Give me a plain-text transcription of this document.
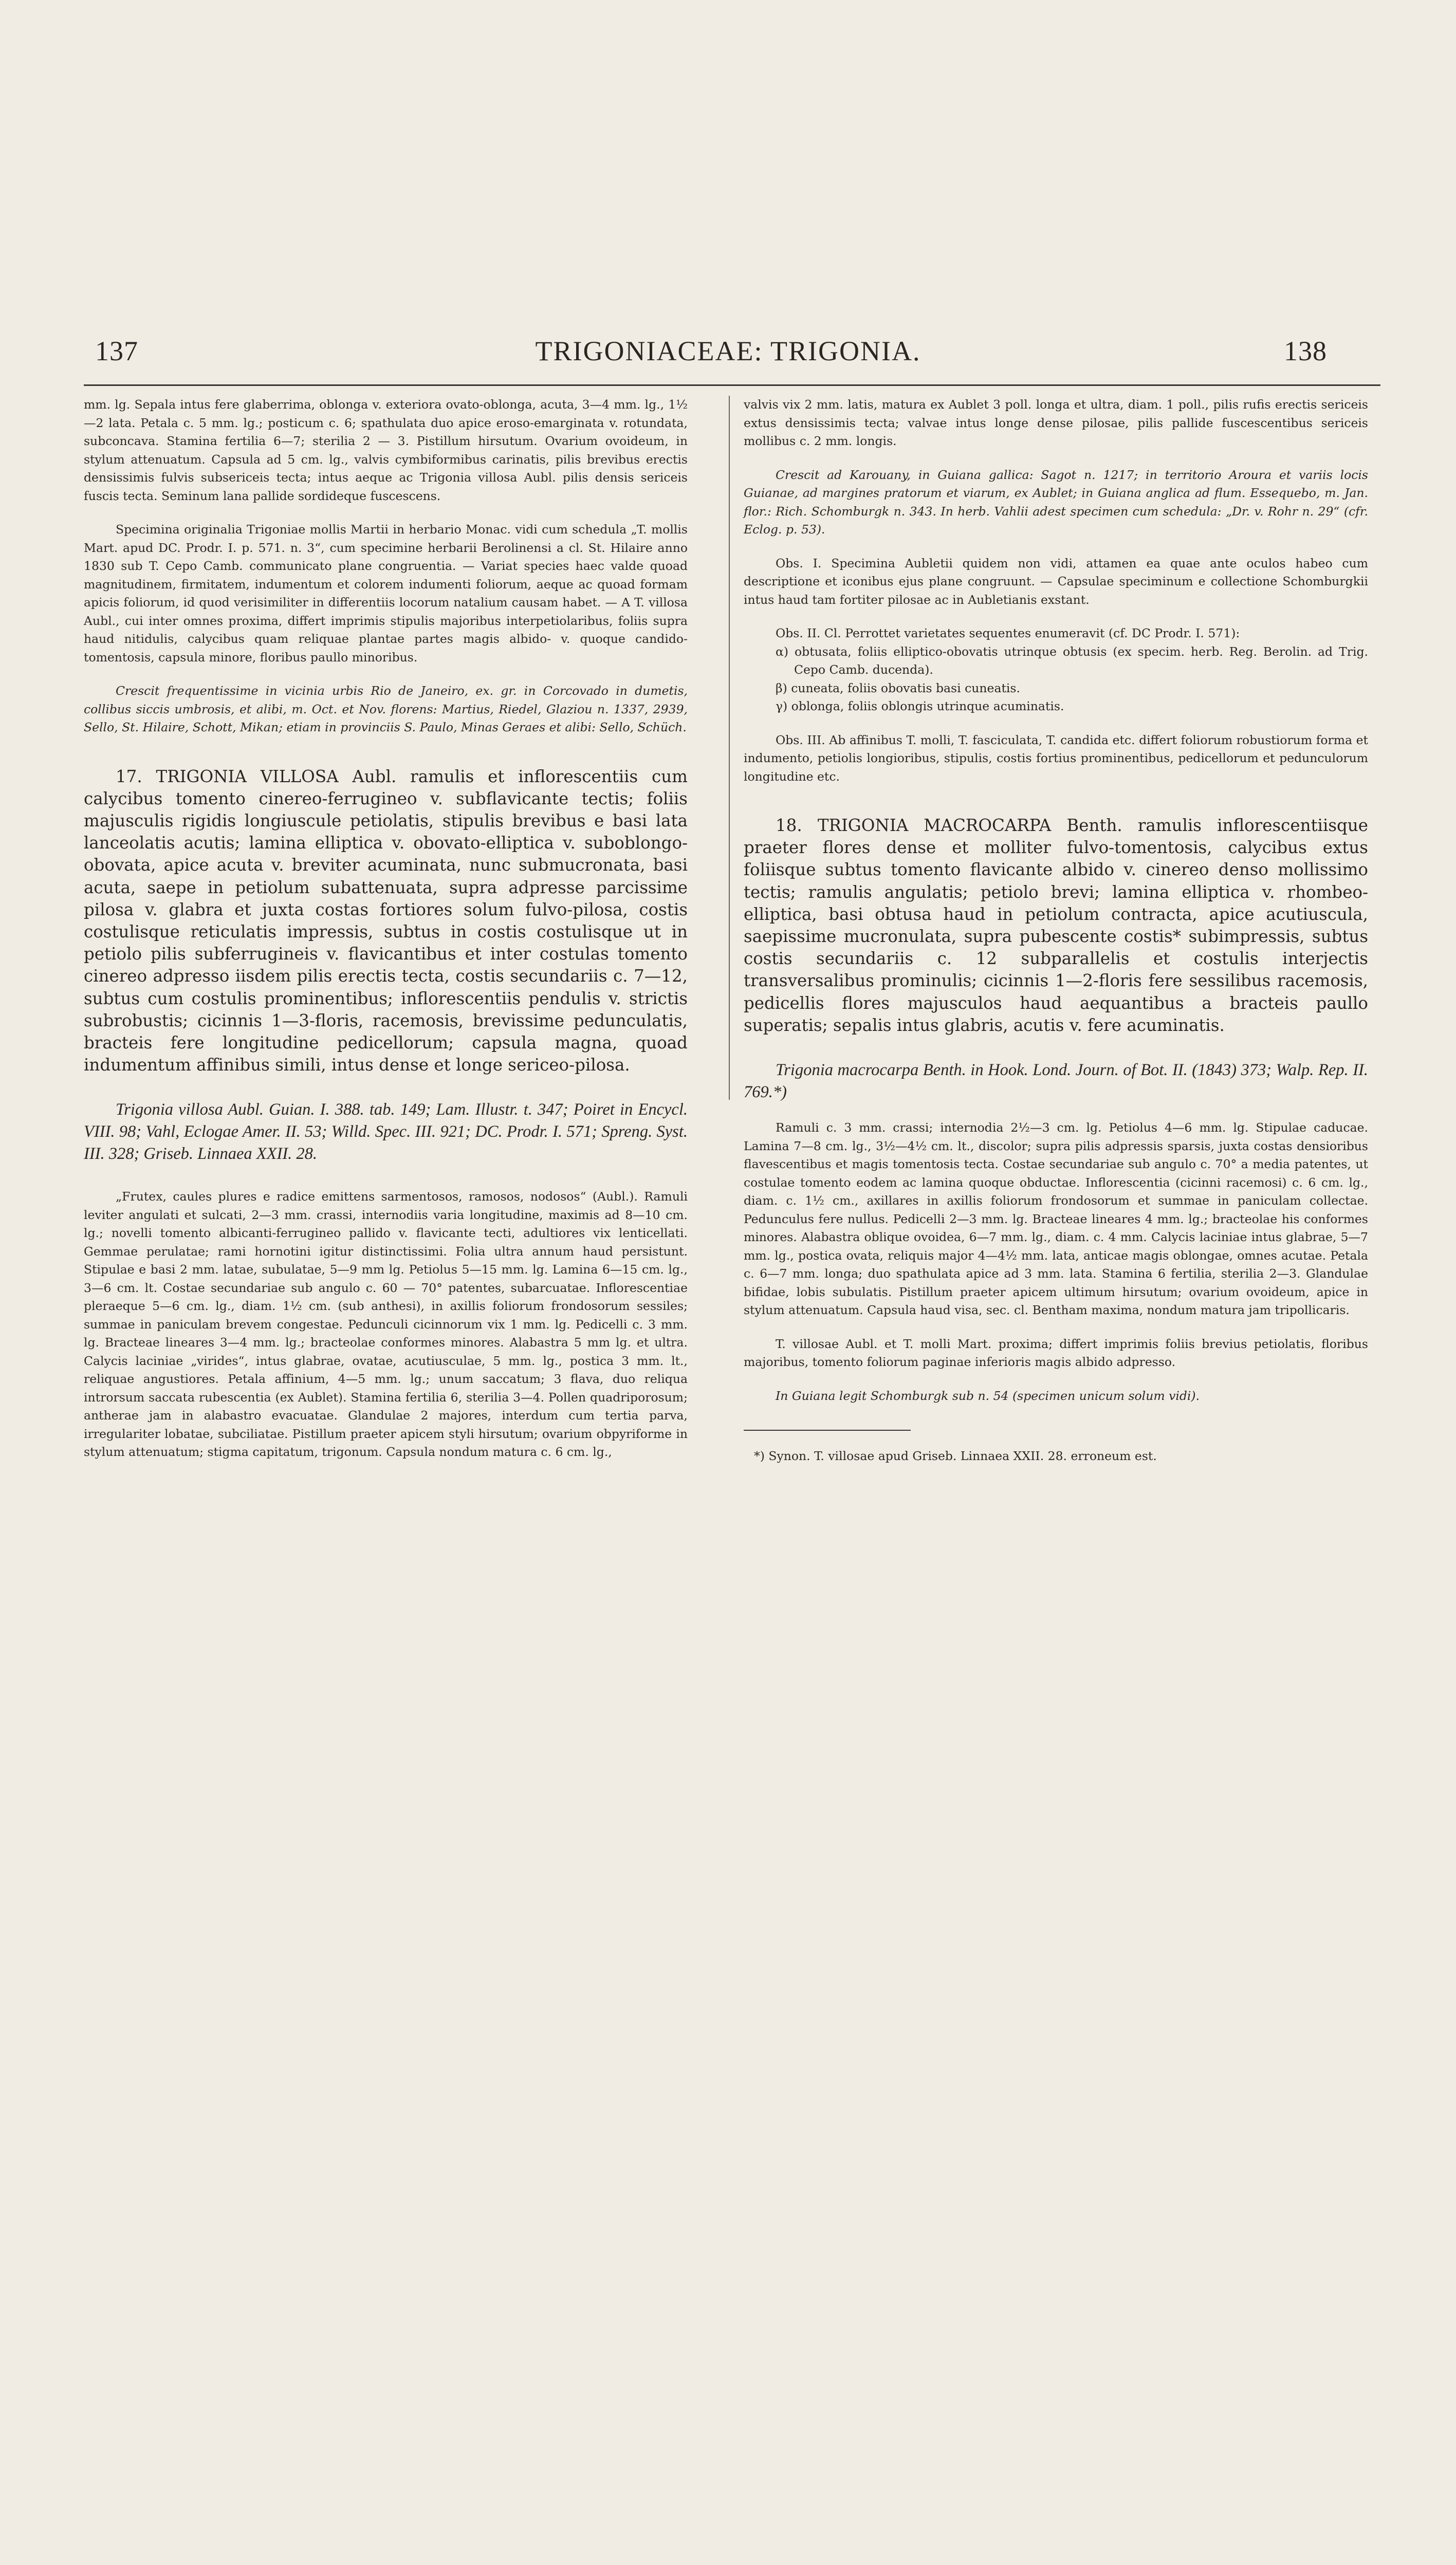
137	TRIGONIACEAE: TRIGONIA.	138

mm. lg. Sepala intus fere glaberrima, oblonga v. exteriora ovato-oblonga, acuta, 3—4 mm. lg., 1½—2 lata. Petala c. 5 mm. lg.; posticum c. 6; spathulata duo apice eroso-emarginata v. rotundata, subconcava. Stamina fertilia 6—7; sterilia 2 — 3. Pistillum hirsutum. Ovarium ovoideum, in stylum attenuatum. Capsula ad 5 cm. lg., valvis cymbiformibus carinatis, pilis brevibus erectis densissimis fulvis subsericeis tecta; intus aeque ac Trigonia villosa Aubl. pilis densis sericeis fuscis tecta. Seminum lana pallide sordideque fuscescens.

Specimina originalia Trigoniae mollis Martii in herbario Monac. vidi cum schedula „T. mollis Mart. apud DC. Prodr. I. p. 571. n. 3“, cum specimine herbarii Berolinensi a cl. St. Hilaire anno 1830 sub T. Cepo Camb. communicato plane congruentia. — Variat species haec valde quoad magnitudinem, firmitatem, indumentum et colorem indumenti foliorum, aeque ac quoad formam apicis foliorum, id quod verisimiliter in differentiis locorum natalium causam habet. — A T. villosa Aubl., cui inter omnes proxima, differt imprimis stipulis majoribus interpetiolaribus, foliis supra haud nitidulis, calycibus quam reliquae plantae partes magis albido- v. quoque candido-tomentosis, capsula minore, floribus paullo minoribus.

Crescit frequentissime in vicinia urbis Rio de Janeiro, ex. gr. in Corcovado in dumetis, collibus siccis umbrosis, et alibi, m. Oct. et Nov. florens: Martius, Riedel, Glaziou n. 1337, 2939, Sello, St. Hilaire, Schott, Mikan; etiam in provinciis S. Paulo, Minas Geraes et alibi: Sello, Schüch.

17. TRIGONIA VILLOSA Aubl. ramulis et inflorescentiis cum calycibus tomento cinereo-ferrugineo v. subflavicante tectis; foliis majusculis rigidis longiuscule petiolatis, stipulis brevibus e basi lata lanceolatis acutis; lamina elliptica v. obovato-elliptica v. suboblongo-obovata, apice acuta v. breviter acuminata, nunc submucronata, basi acuta, saepe in petiolum subattenuata, supra adpresse parcissime pilosa v. glabra et juxta costas fortiores solum fulvo-pilosa, costis costulisque reticulatis impressis, subtus in costis costulisque ut in petiolo pilis subferrugineis v. flavicantibus et inter costulas tomento cinereo adpresso iisdem pilis erectis tecta, costis secundariis c. 7—12, subtus cum costulis prominentibus; inflorescentiis pendulis v. strictis subrobustis; cicinnis 1—3-floris, racemosis, brevissime pedunculatis, bracteis fere longitudine pedicellorum; capsula magna, quoad indumentum affinibus simili, intus dense et longe sericeo-pilosa.

Trigonia villosa Aubl. Guian. I. 388. tab. 149; Lam. Illustr. t. 347; Poiret in Encycl. VIII. 98; Vahl, Eclogae Amer. II. 53; Willd. Spec. III. 921; DC. Prodr. I. 571; Spreng. Syst. III. 328; Griseb. Linnaea XXII. 28.

„Frutex, caules plures e radice emittens sarmentosos, ramosos, nodosos“ (Aubl.). Ramuli leviter angulati et sulcati, 2—3 mm. crassi, internodiis varia longitudine, maximis ad 8—10 cm. lg.; novelli tomento albicanti-ferrugineo pallido v. flavicante tecti, adultiores vix lenticellati. Gemmae perulatae; rami hornotini igitur distinctissimi. Folia ultra annum haud persistunt. Stipulae e basi 2 mm. latae, subulatae, 5—9 mm lg. Petiolus 5—15 mm. lg. Lamina 6—15 cm. lg., 3—6 cm. lt. Costae secundariae sub angulo c. 60 — 70° patentes, subarcuatae. Inflorescentiae pleraeque 5—6 cm. lg., diam. 1½ cm. (sub anthesi), in axillis foliorum frondosorum sessiles; summae in paniculam brevem congestae. Pedunculi cicinnorum vix 1 mm. lg. Pedicelli c. 3 mm. lg. Bracteae lineares 3—4 mm. lg.; bracteolae conformes minores. Alabastra 5 mm lg. et ultra. Calycis laciniae „virides“, intus glabrae, ovatae, acutiusculae, 5 mm. lg., postica 3 mm. lt., reliquae angustiores. Petala affinium, 4—5 mm. lg.; unum saccatum; 3 flava, duo reliqua introrsum saccata rubescentia (ex Aublet). Stamina fertilia 6, sterilia 3—4. Pollen quadriporosum; antherae jam in alabastro evacuatae. Glandulae 2 majores, interdum cum tertia parva, irregulariter lobatae, subciliatae. Pistillum praeter apicem styli hirsutum; ovarium obpyriforme in stylum attenuatum; stigma capitatum, trigonum. Capsula nondum matura c. 6 cm. lg.,

valvis vix 2 mm. latis, matura ex Aublet 3 poll. longa et ultra, diam. 1 poll., pilis rufis erectis sericeis extus densissimis tecta; valvae intus longe dense pilosae, pilis pallide fuscescentibus sericeis mollibus c. 2 mm. longis.

Crescit ad Karouany, in Guiana gallica: Sagot n. 1217; in territorio Aroura et variis locis Guianae, ad margines pratorum et viarum, ex Aublet; in Guiana anglica ad flum. Essequebo, m. Jan. flor.: Rich. Schomburgk n. 343. In herb. Vahlii adest specimen cum schedula: „Dr. v. Rohr n. 29“ (cfr. Eclog. p. 53).

Obs. I. Specimina Aubletii quidem non vidi, attamen ea quae ante oculos habeo cum descriptione et iconibus ejus plane congruunt. — Capsulae speciminum e collectione Schomburgkii intus haud tam fortiter pilosae ac in Aubletianis exstant.

Obs. II. Cl. Perrottet varietates sequentes enumeravit (cf. DC Prodr. I. 571):

α) obtusata, foliis elliptico-obovatis utrinque obtusis (ex specim. herb. Reg. Berolin. ad Trig. Cepo Camb. ducenda).

β) cuneata, foliis obovatis basi cuneatis.

γ) oblonga, foliis oblongis utrinque acuminatis.

Obs. III. Ab affinibus T. molli, T. fasciculata, T. candida etc. differt foliorum robustiorum forma et indumento, petiolis longioribus, stipulis, costis fortius prominentibus, pedicellorum et pedunculorum longitudine etc.

18. TRIGONIA MACROCARPA Benth. ramulis inflorescentiisque praeter flores dense et molliter fulvo-tomentosis, calycibus extus foliisque subtus tomento flavicante albido v. cinereo denso mollissimo tectis; ramulis angulatis; petiolo brevi; lamina elliptica v. rhombeo-elliptica, basi obtusa haud in petiolum contracta, apice acutiuscula, saepissime mucronulata, supra pubescente costis* subimpressis, subtus costis secundariis c. 12 subparallelis et costulis interjectis transversalibus prominulis; cicinnis 1—2-floris fere sessilibus racemosis, pedicellis flores majusculos haud aequantibus a bracteis paullo superatis; sepalis intus glabris, acutis v. fere acuminatis.

Trigonia macrocarpa Benth. in Hook. Lond. Journ. of Bot. II. (1843) 373; Walp. Rep. II. 769.*)

Ramuli c. 3 mm. crassi; internodia 2½—3 cm. lg. Petiolus 4—6 mm. lg. Stipulae caducae. Lamina 7—8 cm. lg., 3½—4½ cm. lt., discolor; supra pilis adpressis sparsis, juxta costas densioribus flavescentibus et magis tomentosis tecta. Costae secundariae sub angulo c. 70° a media patentes, ut costulae tomento eodem ac lamina quoque obductae. Inflorescentia (cicinni racemosi) c. 6 cm. lg., diam. c. 1½ cm., axillares in axillis foliorum frondosorum et summae in paniculam collectae. Pedunculus fere nullus. Pedicelli 2—3 mm. lg. Bracteae lineares 4 mm. lg.; bracteolae his conformes minores. Alabastra oblique ovoidea, 6—7 mm. lg., diam. c. 4 mm. Calycis laciniae intus glabrae, 5—7 mm. lg., postica ovata, reliquis major 4—4½ mm. lata, anticae magis oblongae, omnes acutae. Petala c. 6—7 mm. longa; duo spathulata apice ad 3 mm. lata. Stamina 6 fertilia, sterilia 2—3. Glandulae bifidae, lobis subulatis. Pistillum praeter apicem ultimum hirsutum; ovarium ovoideum, apice in stylum attenuatum. Capsula haud visa, sec. cl. Bentham maxima, nondum matura jam tripollicaris.

T. villosae Aubl. et T. molli Mart. proxima; differt imprimis foliis brevius petiolatis, floribus majoribus, tomento foliorum paginae inferioris magis albido adpresso.

In Guiana legit Schomburgk sub n. 54 (specimen unicum solum vidi).

*) Synon. T. villosae apud Griseb. Linnaea XXII. 28. erroneum est.
